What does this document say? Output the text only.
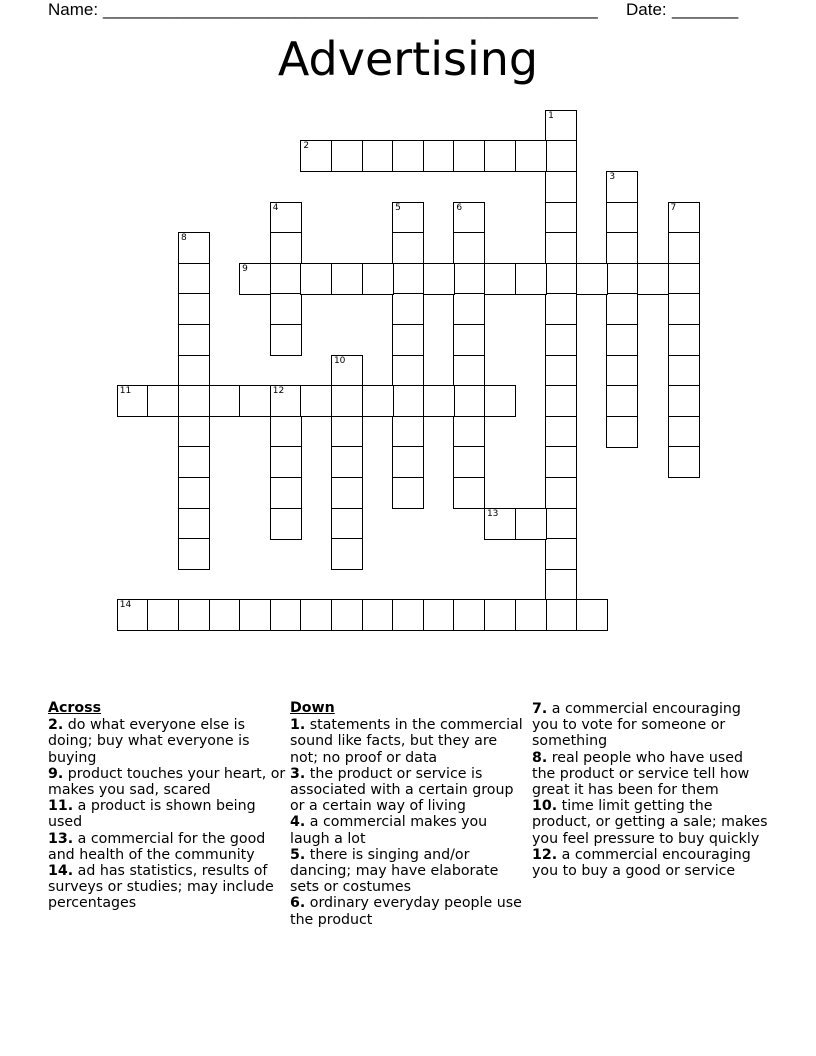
Name: ______________________________________________________ Date: _______
Advertising
1
2
3
4	5	6	7
8
9
10
11	12
13
14
Across
2. do what everyone else is doing; buy what everyone is buying
9. product touches your heart, or makes you sad, scared
11. a product is shown being used
13. a commercial for the good and health of the community
14. ad has statistics, results of surveys or studies; may include percentages
Down
1. statements in the commercial sound like facts, but they are not; no proof or data
3. the product or service is associated with a certain group or a certain way of living
4. a commercial makes you laugh a lot
5. there is singing and/or dancing; may have elaborate sets or costumes
6. ordinary everyday people use the product
7. a commercial encouraging you to vote for someone or something
8. real people who have used the product or service tell how great it has been for them
10. time limit getting the product, or getting a sale; makes you feel pressure to buy quickly
12. a commercial encouraging you to buy a good or service
